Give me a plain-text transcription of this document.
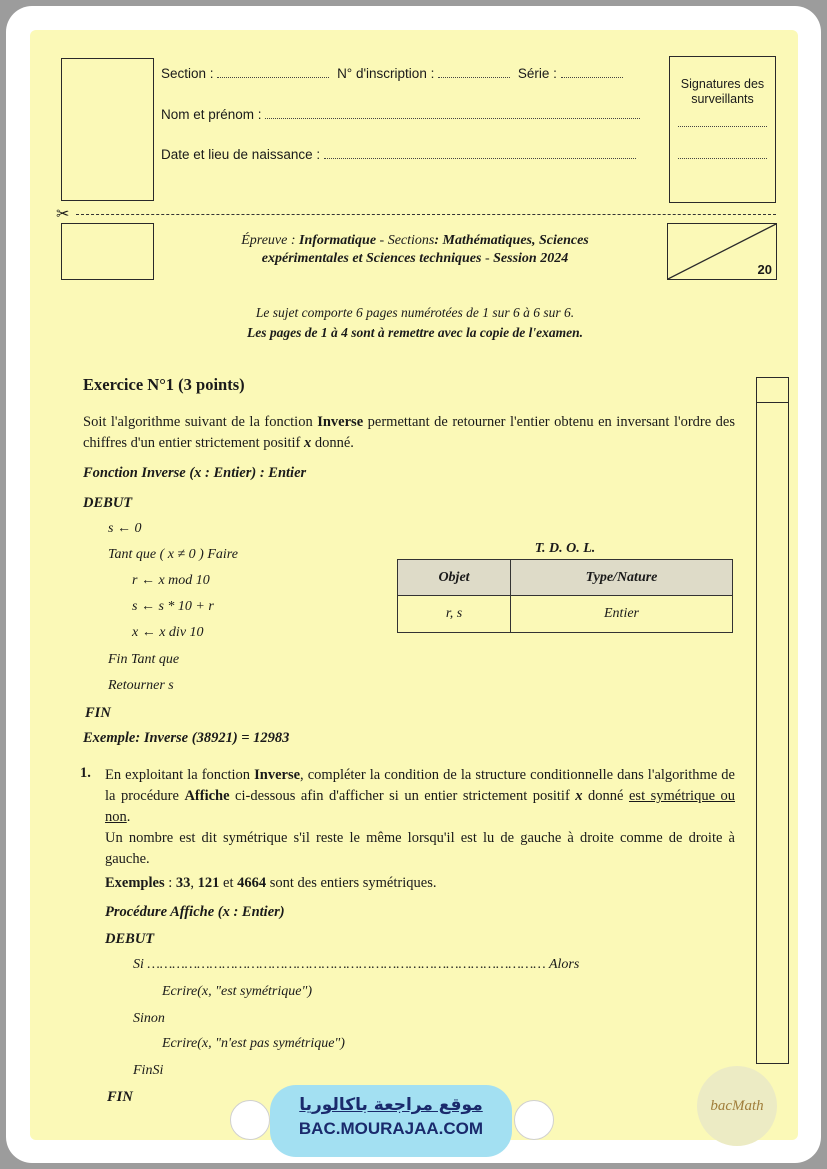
Signatures des surveillants
Section :	N° d'inscription :	Série :
Nom et prénom :
Date et lieu de naissance :
✂
20
Épreuve : Informatique - Sections: Mathématiques, Sciences
expérimentales et Sciences techniques - Session 2024
Le sujet comporte 6 pages numérotées de 1 sur 6 à 6 sur 6.
Les pages de 1 à 4 sont à remettre avec la copie de l'examen.
Exercice N°1 (3 points)
Soit l'algorithme suivant de la fonction Inverse permettant de retourner l'entier obtenu en inversant l'ordre des chiffres d'un entier strictement positif x donné.
Fonction Inverse (x : Entier) : Entier
DEBUT
s ← 0
Tant que ( x ≠ 0 ) Faire
r ← x mod 10
s ← s * 10 + r
x ← x div 10
Fin Tant que
Retourner s
FIN
Exemple: Inverse (38921) = 12983
T. D. O. L.
Objet	Type/Nature
r, s	Entier
1. En exploitant la fonction Inverse, compléter la condition de la structure conditionnelle dans l'algorithme de la procédure Affiche ci-dessous afin d'afficher si un entier strictement positif x donné est symétrique ou non.
Un nombre est dit symétrique s'il reste le même lorsqu'il est lu de gauche à droite comme de droite à gauche.
Exemples : 33, 121 et 4664 sont des entiers symétriques.
Procédure Affiche (x : Entier)
DEBUT
Si …………………………………………………………………………………… Alors
Ecrire(x, "est symétrique")
Sinon
Ecrire(x, "n'est pas symétrique")
FinSi
FIN	موقع مراجعة باكالوريا
BAC.MOURAJAA.COM
bacMath
